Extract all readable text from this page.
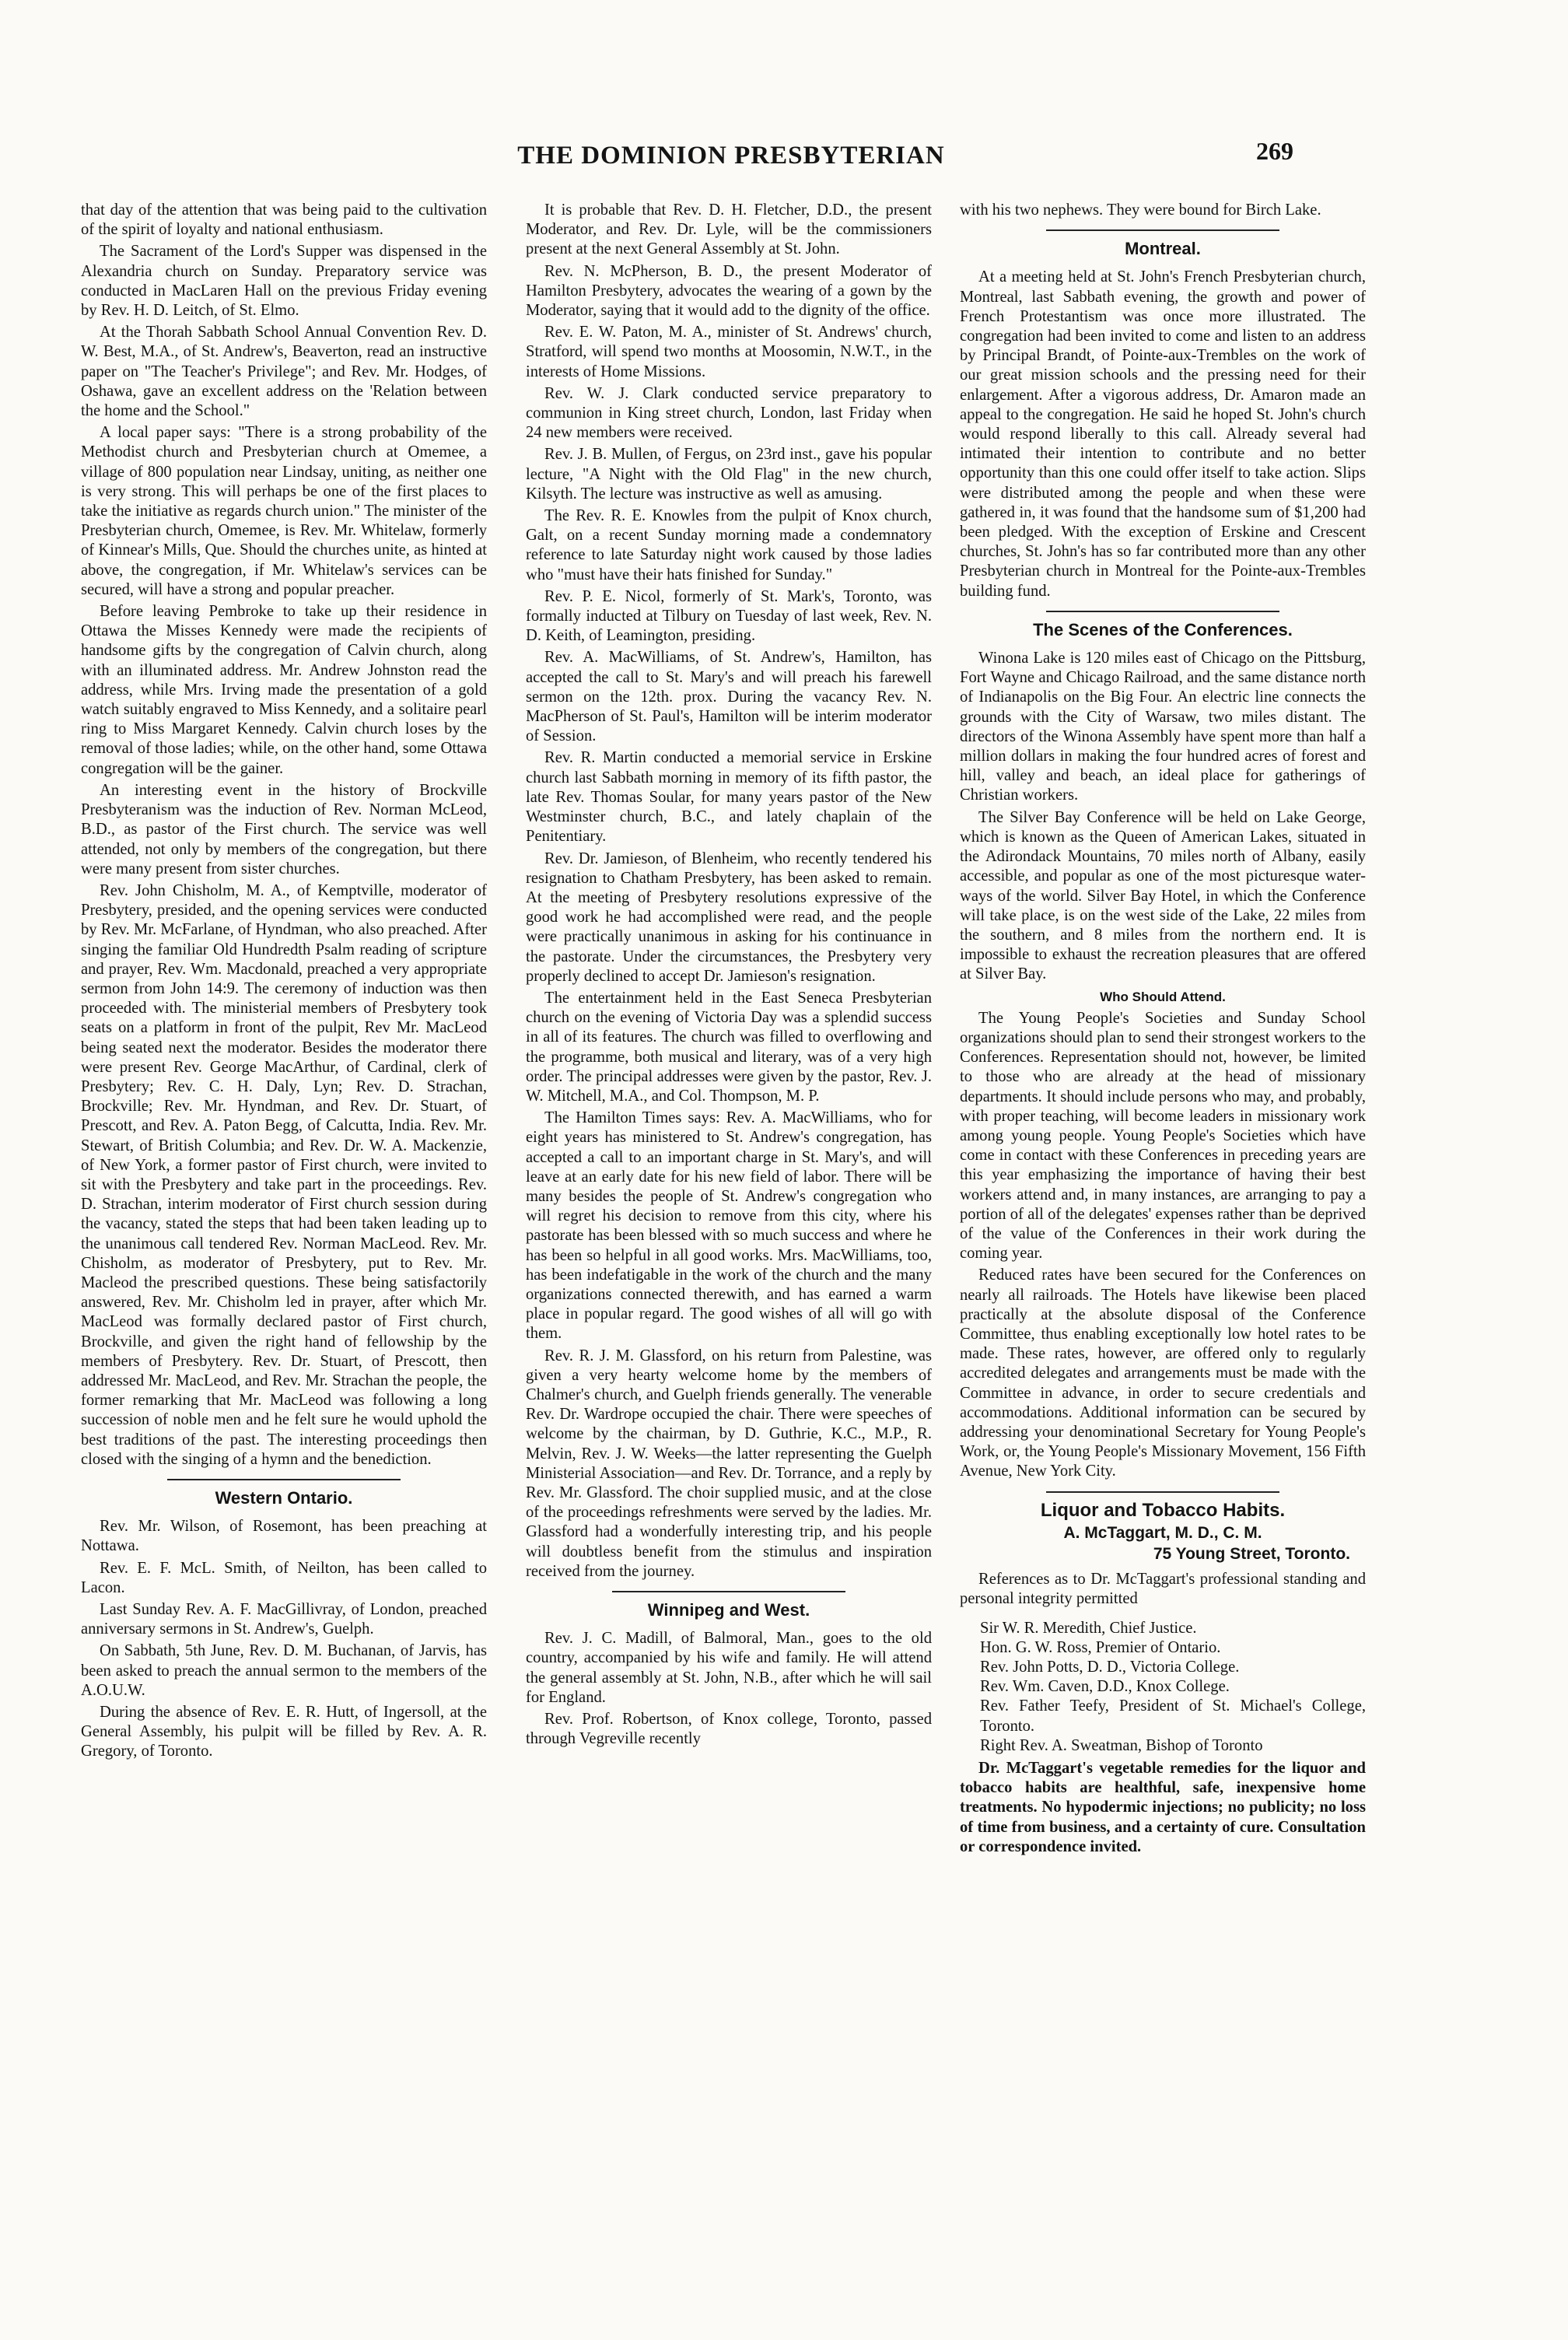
THE DOMINION PRESBYTERIAN	269

that day of the attention that was being paid to the cultivation of the spirit of loyalty and national enthusiasm.

The Sacrament of the Lord's Supper was dispensed in the Alexandria church on Sunday. Preparatory service was conducted in MacLaren Hall on the previous Friday evening by Rev. H. D. Leitch, of St. Elmo.

At the Thorah Sabbath School Annual Convention Rev. D. W. Best, M.A., of St. Andrew's, Beaverton, read an instructive paper on "The Teacher's Privilege"; and Rev. Mr. Hodges, of Oshawa, gave an excellent address on the 'Relation between the home and the School."

A local paper says: "There is a strong probability of the Methodist church and Presbyterian church at Omemee, a village of 800 population near Lindsay, uniting, as neither one is very strong. This will perhaps be one of the first places to take the initiative as regards church union." The minister of the Presbyterian church, Omemee, is Rev. Mr. Whitelaw, formerly of Kinnear's Mills, Que. Should the churches unite, as hinted at above, the congregation, if Mr. Whitelaw's services can be secured, will have a strong and popular preacher.

Before leaving Pembroke to take up their residence in Ottawa the Misses Kennedy were made the recipients of handsome gifts by the congregation of Calvin church, along with an illuminated address. Mr. Andrew Johnston read the address, while Mrs. Irving made the presentation of a gold watch suitably engraved to Miss Kennedy, and a solitaire pearl ring to Miss Margaret Kennedy. Calvin church loses by the removal of those ladies; while, on the other hand, some Ottawa congregation will be the gainer.

An interesting event in the history of Brockville Presbyteranism was the induction of Rev. Norman McLeod, B.D., as pastor of the First church. The service was well attended, not only by members of the congregation, but there were many present from sister churches.

Rev. John Chisholm, M. A., of Kemptville, moderator of Presbytery, presided, and the opening services were conducted by Rev. Mr. McFarlane, of Hyndman, who also preached. After singing the familiar Old Hundredth Psalm reading of scripture and prayer, Rev. Wm. Macdonald, preached a very appropriate sermon from John 14:9. The ceremony of induction was then proceeded with. The ministerial members of Presbytery took seats on a platform in front of the pulpit, Rev Mr. MacLeod being seated next the moderator. Besides the moderator there were present Rev. George MacArthur, of Cardinal, clerk of Presbytery; Rev. C. H. Daly, Lyn; Rev. D. Strachan, Brockville; Rev. Mr. Hyndman, and Rev. Dr. Stuart, of Prescott, and Rev. A. Paton Begg, of Calcutta, India. Rev. Mr. Stewart, of British Columbia; and Rev. Dr. W. A. Mackenzie, of New York, a former pastor of First church, were invited to sit with the Presbytery and take part in the proceedings. Rev. D. Strachan, interim moderator of First church session during the vacancy, stated the steps that had been taken leading up to the unanimous call tendered Rev. Norman MacLeod. Rev. Mr. Chisholm, as moderator of Presbytery, put to Rev. Mr. Macleod the prescribed questions. These being satisfactorily answered, Rev. Mr. Chisholm led in prayer, after which Mr. MacLeod was formally declared pastor of First church, Brockville, and given the right hand of fellowship by the members of Presbytery. Rev. Dr. Stuart, of Prescott, then addressed Mr. MacLeod, and Rev. Mr. Strachan the people, the former remarking that Mr. MacLeod was following a long succession of noble men and he felt sure he would uphold the best traditions of the past. The interesting proceedings then closed with the singing of a hymn and the benediction.

Western Ontario.

Rev. Mr. Wilson, of Rosemont, has been preaching at Nottawa.

Rev. E. F. McL. Smith, of Neilton, has been called to Lacon.

Last Sunday Rev. A. F. MacGillivray, of London, preached anniversary sermons in St. Andrew's, Guelph.

On Sabbath, 5th June, Rev. D. M. Buchanan, of Jarvis, has been asked to preach the annual sermon to the members of the A.O.U.W.

During the absence of Rev. E. R. Hutt, of Ingersoll, at the General Assembly, his pulpit will be filled by Rev. A. R. Gregory, of Toronto.

It is probable that Rev. D. H. Fletcher, D.D., the present Moderator, and Rev. Dr. Lyle, will be the commissioners present at the next General Assembly at St. John.

Rev. N. McPherson, B. D., the present Moderator of Hamilton Presbytery, advocates the wearing of a gown by the Moderator, saying that it would add to the dignity of the office.

Rev. E. W. Paton, M. A., minister of St. Andrews' church, Stratford, will spend two months at Moosomin, N.W.T., in the interests of Home Missions.

Rev. W. J. Clark conducted service preparatory to communion in King street church, London, last Friday when 24 new members were received.

Rev. J. B. Mullen, of Fergus, on 23rd inst., gave his popular lecture, "A Night with the Old Flag" in the new church, Kilsyth. The lecture was instructive as well as amusing.

The Rev. R. E. Knowles from the pulpit of Knox church, Galt, on a recent Sunday morning made a condemnatory reference to late Saturday night work caused by those ladies who "must have their hats finished for Sunday."

Rev. P. E. Nicol, formerly of St. Mark's, Toronto, was formally inducted at Tilbury on Tuesday of last week, Rev. N. D. Keith, of Leamington, presiding.

Rev. A. MacWilliams, of St. Andrew's, Hamilton, has accepted the call to St. Mary's and will preach his farewell sermon on the 12th. prox. During the vacancy Rev. N. MacPherson of St. Paul's, Hamilton will be interim moderator of Session.

Rev. R. Martin conducted a memorial service in Erskine church last Sabbath morning in memory of its fifth pastor, the late Rev. Thomas Soular, for many years pastor of the New Westminster church, B.C., and lately chaplain of the Penitentiary.

Rev. Dr. Jamieson, of Blenheim, who recently tendered his resignation to Chatham Presbytery, has been asked to remain. At the meeting of Presbytery resolutions expressive of the good work he had accomplished were read, and the people were practically unanimous in asking for his continuance in the pastorate. Under the circumstances, the Presbytery very properly declined to accept Dr. Jamieson's resignation.

The entertainment held in the East Seneca Presbyterian church on the evening of Victoria Day was a splendid success in all of its features. The church was filled to overflowing and the programme, both musical and literary, was of a very high order. The principal addresses were given by the pastor, Rev. J. W. Mitchell, M.A., and Col. Thompson, M. P.

The Hamilton Times says: Rev. A. MacWilliams, who for eight years has ministered to St. Andrew's congregation, has accepted a call to an important charge in St. Mary's, and will leave at an early date for his new field of labor. There will be many besides the people of St. Andrew's congregation who will regret his decision to remove from this city, where his pastorate has been blessed with so much success and where he has been so helpful in all good works. Mrs. MacWilliams, too, has been indefatigable in the work of the church and the many organizations connected therewith, and has earned a warm place in popular regard. The good wishes of all will go with them.

Rev. R. J. M. Glassford, on his return from Palestine, was given a very hearty welcome home by the members of Chalmer's church, and Guelph friends generally. The venerable Rev. Dr. Wardrope occupied the chair. There were speeches of welcome by the chairman, by D. Guthrie, K.C., M.P., R. Melvin, Rev. J. W. Weeks—the latter representing the Guelph Ministerial Association—and Rev. Dr. Torrance, and a reply by Rev. Mr. Glassford. The choir supplied music, and at the close of the proceedings refreshments were served by the ladies. Mr. Glassford had a wonderfully interesting trip, and his people will doubtless benefit from the stimulus and inspiration received from the journey.

Winnipeg and West.

Rev. J. C. Madill, of Balmoral, Man., goes to the old country, accompanied by his wife and family. He will attend the general assembly at St. John, N.B., after which he will sail for England.

Rev. Prof. Robertson, of Knox college, Toronto, passed through Vegreville recently

with his two nephews. They were bound for Birch Lake.

Montreal.

At a meeting held at St. John's French Presbyterian church, Montreal, last Sabbath evening, the growth and power of French Protestantism was once more illustrated. The congregation had been invited to come and listen to an address by Principal Brandt, of Pointe-aux-Trembles on the work of our great mission schools and the pressing need for their enlargement. After a vigorous address, Dr. Amaron made an appeal to the congregation. He said he hoped St. John's church would respond liberally to this call. Already several had intimated their intention to contribute and no better opportunity than this one could offer itself to take action. Slips were distributed among the people and when these were gathered in, it was found that the handsome sum of $1,200 had been pledged. With the exception of Erskine and Crescent churches, St. John's has so far contributed more than any other Presbyterian church in Montreal for the Pointe-aux-Trembles building fund.

The Scenes of the Conferences.

Winona Lake is 120 miles east of Chicago on the Pittsburg, Fort Wayne and Chicago Railroad, and the same distance north of Indianapolis on the Big Four. An electric line connects the grounds with the City of Warsaw, two miles distant. The directors of the Winona Assembly have spent more than half a million dollars in making the four hundred acres of forest and hill, valley and beach, an ideal place for gatherings of Christian workers.

The Silver Bay Conference will be held on Lake George, which is known as the Queen of American Lakes, situated in the Adirondack Mountains, 70 miles north of Albany, easily accessible, and popular as one of the most picturesque water-ways of the world. Silver Bay Hotel, in which the Conference will take place, is on the west side of the Lake, 22 miles from the southern, and 8 miles from the northern end. It is impossible to exhaust the recreation pleasures that are offered at Silver Bay.

Who Should Attend.

The Young People's Societies and Sunday School organizations should plan to send their strongest workers to the Conferences. Representation should not, however, be limited to those who are already at the head of missionary departments. It should include persons who may, and probably, with proper teaching, will become leaders in missionary work among young people. Young People's Societies which have come in contact with these Conferences in preceding years are this year emphasizing the importance of having their best workers attend and, in many instances, are arranging to pay a portion of all of the delegates' expenses rather than be deprived of the value of the Conferences in their work during the coming year.

Reduced rates have been secured for the Conferences on nearly all railroads. The Hotels have likewise been placed practically at the absolute disposal of the Conference Committee, thus enabling exceptionally low hotel rates to be made. These rates, however, are offered only to regularly accredited delegates and arrangements must be made with the Committee in advance, in order to secure credentials and accommodations. Additional information can be secured by addressing your denominational Secretary for Young People's Work, or, the Young People's Missionary Movement, 156 Fifth Avenue, New York City.

Liquor and Tobacco Habits.
A. McTaggart, M. D., C. M.
75 Young Street, Toronto.

References as to Dr. McTaggart's professional standing and personal integrity permitted

Sir W. R. Meredith, Chief Justice.
Hon. G. W. Ross, Premier of Ontario.
Rev. John Potts, D. D., Victoria College.
Rev. Wm. Caven, D.D., Knox College.
Rev. Father Teefy, President of St. Michael's College, Toronto.
Right Rev. A. Sweatman, Bishop of Toronto

Dr. McTaggart's vegetable remedies for the liquor and tobacco habits are healthful, safe, inexpensive home treatments. No hypodermic injections; no publicity; no loss of time from business, and a certainty of cure. Consultation or correspondence invited.
